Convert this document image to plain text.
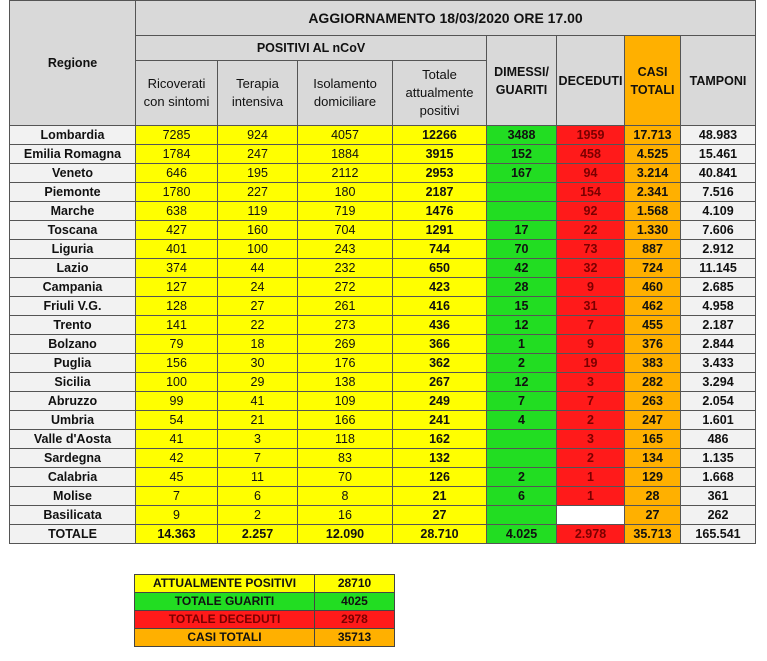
Regione	AGGIORNAMENTO 18/03/2020 ORE 17.00							
	POSITIVI AL nCoV				DIMESSI/ GUARITI	DECEDUTI	CASI TOTALI	TAMPONI
	Ricoverati con sintomi	Terapia intensiva	Isolamento domiciliare	Totale attualmente positivi				
Lombardia	7285	924	4057	12266	3488	1959	17.713	48.983
Emilia Romagna	1784	247	1884	3915	152	458	4.525	15.461
Veneto	646	195	2112	2953	167	94	3.214	40.841
Piemonte	1780	227	180	2187		154	2.341	7.516
Marche	638	119	719	1476		92	1.568	4.109
Toscana	427	160	704	1291	17	22	1.330	7.606
Liguria	401	100	243	744	70	73	887	2.912
Lazio	374	44	232	650	42	32	724	11.145
Campania	127	24	272	423	28	9	460	2.685
Friuli V.G.	128	27	261	416	15	31	462	4.958
Trento	141	22	273	436	12	7	455	2.187
Bolzano	79	18	269	366	1	9	376	2.844
Puglia	156	30	176	362	2	19	383	3.433
Sicilia	100	29	138	267	12	3	282	3.294
Abruzzo	99	41	109	249	7	7	263	2.054
Umbria	54	21	166	241	4	2	247	1.601
Valle d'Aosta	41	3	118	162		3	165	486
Sardegna	42	7	83	132		2	134	1.135
Calabria	45	11	70	126	2	1	129	1.668
Molise	7	6	8	21	6	1	28	361
Basilicata	9	2	16	27			27	262
TOTALE	14.363	2.257	12.090	28.710	4.025	2.978	35.713	165.541
ATTUALMENTE POSITIVI	28710
TOTALE GUARITI	4025
TOTALE DECEDUTI	2978
CASI TOTALI	35713
